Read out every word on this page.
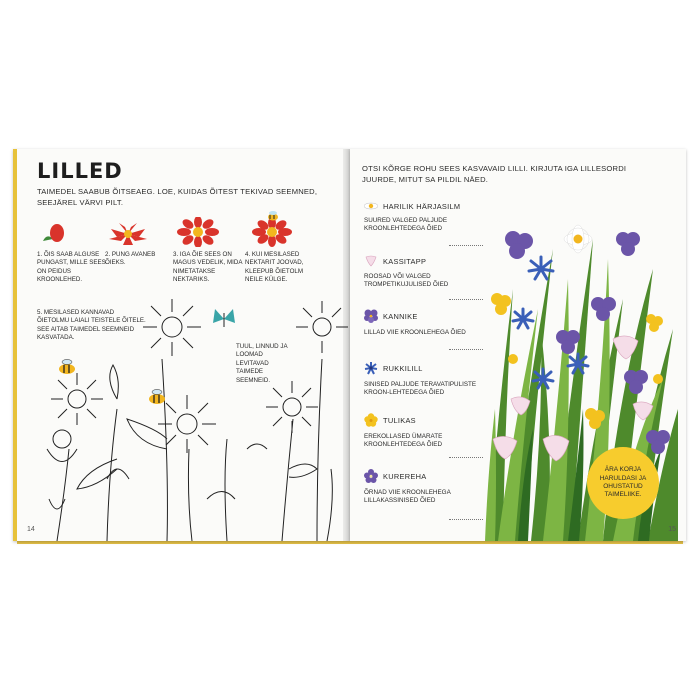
LILLED
TAIMEDEL SAABUB ÕITSEAEG. LOE, KUIDAS ÕITEST TEKIVAD SEEMNED, SEEJÄREL VÄRVI PILT.
1. ÕIS SAAB ALGUSE PUNGAST, MILLE SEES ON PEIDUS KROONLEHED.
2. PUNG AVANEB ÕIEKS.
3. IGA ÕIE SEES ON MAGUS VEDELIK, MIDA NIMETATAKSE NEKTARIKS.
4. KUI MESILASED NEKTARIT JOOVAD, KLEEPUB ÕIETOLM NEILE KÜLGE.
5. MESILASED KANNAVAD ÕIETOLMU LAIALI TEISTELE ÕITELE. SEE AITAB TAIMEDEL SEEMNEID KASVATADA.
TUUL, LINNUD JA LOOMAD LEVITAVAD TAIMEDE SEEMNEID.
14
OTSI KÕRGE ROHU SEES KASVAVAID LILLI. KIRJUTA IGA LILLESORDI JUURDE, MITUT SA PILDIL NÄED.
HARILIK HÄRJASILM
SUURED VALGED PALJUDE KROONLEHTEDEGA ÕIED
KASSITAPP
ROOSAD VÕI VALGED TROMPETIKUJULISED ÕIED
KANNIKE
LILLAD VIIE KROONLEHEGA ÕIED
RUKKILILL
SINISED PALJUDE TERAVATIPULISTE KROON-LEHTEDEGA ÕIED
TULIKAS
EREKOLLASED ÜMARATE KROONLEHTEDEGA ÕIED
KUREREHA
ÕRNAD VIIE KROONLEHEGA LILLAKASSINISED ÕIED
ÄRA KORJA HARULDASI JA OHUSTATUD TAIMELIIKE.
15
